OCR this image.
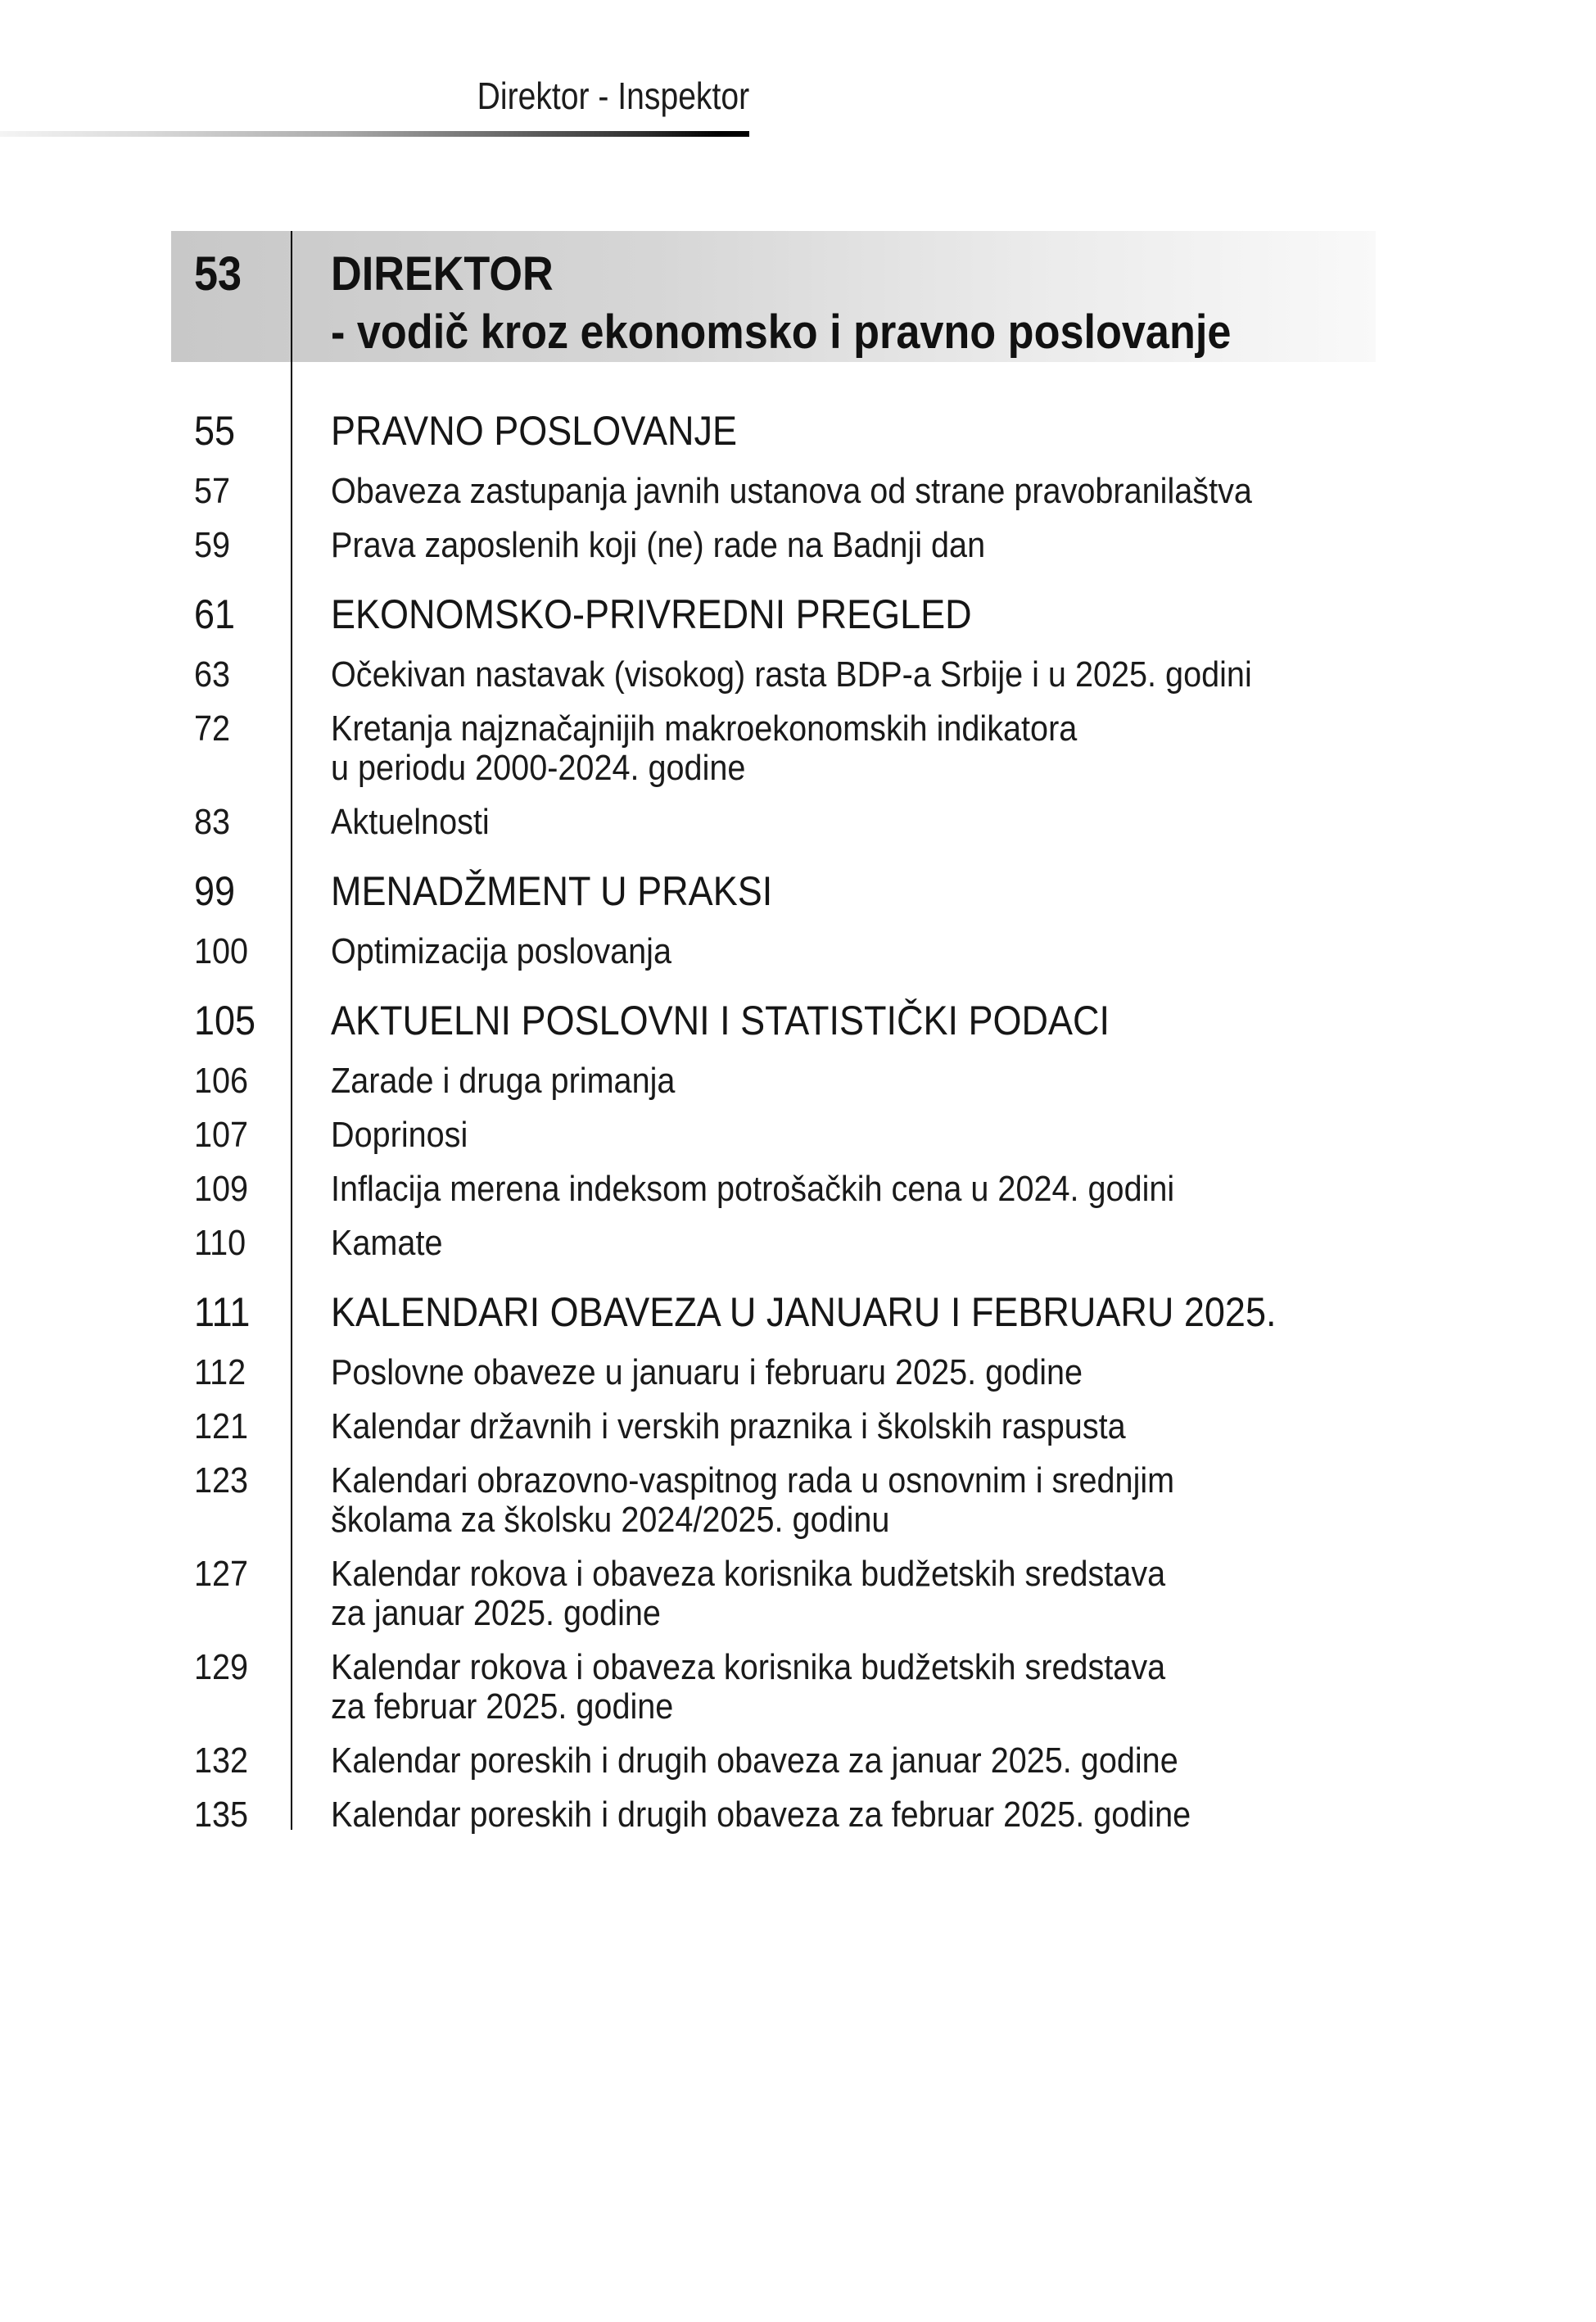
Direktor - Inspektor
53	DIREKTOR
- vodič kroz ekonomsko i pravno poslovanje
55	PRAVNO POSLOVANJE
57	Obaveza zastupanja javnih ustanova od strane pravobranilaštva
59	Prava zaposlenih koji (ne) rade na Badnji dan
61	EKONOMSKO-PRIVREDNI PREGLED
63	Očekivan nastavak (visokog) rasta BDP-a Srbije i u 2025. godini
72	Kretanja najznačajnijih makroekonomskih indikatora
u periodu 2000-2024. godine
83	Aktuelnosti
99	MENADŽMENT U PRAKSI
100	Optimizacija poslovanja
105	AKTUELNI POSLOVNI I STATISTIČKI PODACI
106	Zarade i druga primanja
107	Doprinosi
109	Inflacija merena indeksom potrošačkih cena u 2024. godini
110	Kamate
111	KALENDARI OBAVEZA U JANUARU I FEBRUARU 2025.
112	Poslovne obaveze u januaru i februaru 2025. godine
121	Kalendar državnih i verskih praznika i školskih raspusta
123	Kalendari obrazovno-vaspitnog rada u osnovnim i srednjim
školama za školsku 2024/2025. godinu
127	Kalendar rokova i obaveza korisnika budžetskih sredstava
za januar 2025. godine
129	Kalendar rokova i obaveza korisnika budžetskih sredstava
za februar 2025. godine
132	Kalendar poreskih i drugih obaveza za januar 2025. godine
135	Kalendar poreskih i drugih obaveza za februar 2025. godine
